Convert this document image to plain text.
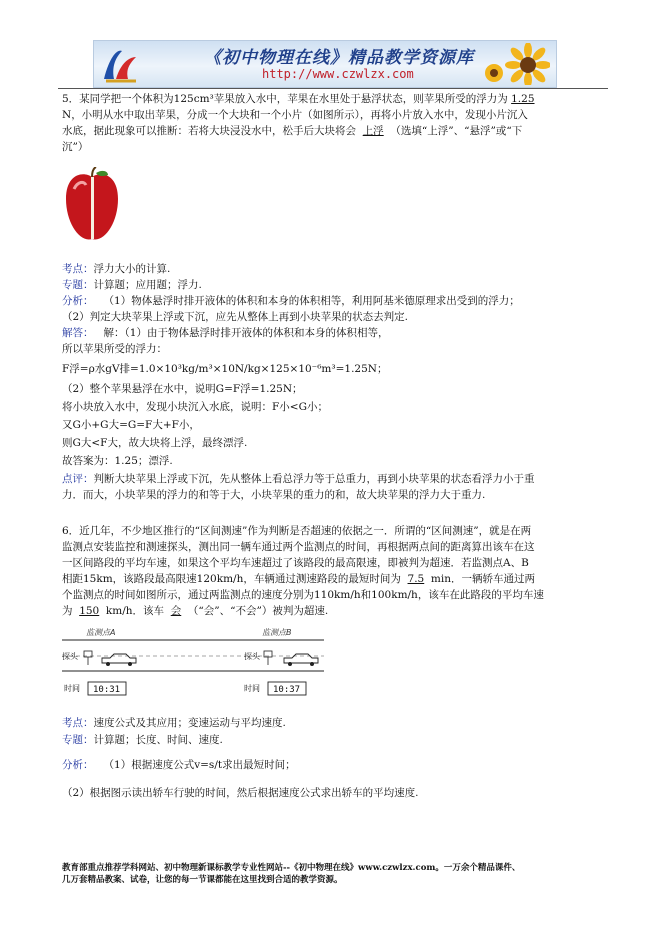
《初中物理在线》精品教学资源库
http://www.czwlzx.com
5．某同学把一个体积为125cm³苹果放入水中，苹果在水里处于悬浮状态，则苹果所受的浮力为 1.25
N，小明从水中取出苹果，分成一个大块和一个小片（如图所示），再将小片放入水中，发现小片沉入
水底，据此现象可以推断：若将大块浸没水中，松手后大块将会 上浮 （选填“上浮”、“悬浮”或“下
沉”）
考点：浮力大小的计算.
专题：计算题；应用题；浮力.
分析： （1）物体悬浮时排开液体的体积和本身的体积相等，利用阿基米德原理求出受到的浮力；
（2）判定大块苹果上浮或下沉，应先从整体上再到小块苹果的状态去判定.
解答： 解：（1）由于物体悬浮时排开液体的体积和本身的体积相等，
所以苹果所受的浮力：
F浮=ρ水gV排=1.0×10³kg/m³×10N/kg×125×10⁻⁶m³=1.25N；
（2）整个苹果悬浮在水中，说明G=F浮=1.25N；
将小块放入水中，发现小块沉入水底，说明：F小<G小；
又G小+G大=G=F大+F小，
则G大<F大，故大块将上浮，最终漂浮.
故答案为：1.25；漂浮.
点评：判断大块苹果上浮或下沉，先从整体上看总浮力等于总重力，再到小块苹果的状态看浮力小于重
力．而大，小块苹果的浮力的和等于大，小块苹果的重力的和，故大块苹果的浮力大于重力.
6．近几年，不少地区推行的“区间测速”作为判断是否超速的依据之一．所谓的“区间测速”，就是在两
监测点安装监控和测速探头，测出同一辆车通过两个监测点的时间，再根据两点间的距离算出该车在这
一区间路段的平均车速，如果这个平均车速超过了该路段的最高限速，即被判为超速．若监测点A、B
相距15km，该路段最高限速120km/h，车辆通过测速路段的最短时间为 7.5 min．一辆轿车通过两
个监测点的时间如图所示，通过两监测点的速度分别为110km/h和100km/h，该车在此路段的平均车速
为 150 km/h．该车 会 （“会”、“不会”）被判为超速.
监测点A	监测点B
探头	探头
时间 10:31	时间 10:37
考点：速度公式及其应用；变速运动与平均速度.
专题：计算题；长度、时间、速度.
分析： （1）根据速度公式v=s/t求出最短时间；
（2）根据图示读出轿车行驶的时间，然后根据速度公式求出轿车的平均速度.
教育部重点推荐学科网站、初中物理新课标教学专业性网站--《初中物理在线》www.czwlzx.com。一万余个精品课件、
几万套精品教案、试卷，让您的每一节课都能在这里找到合适的教学资源。
